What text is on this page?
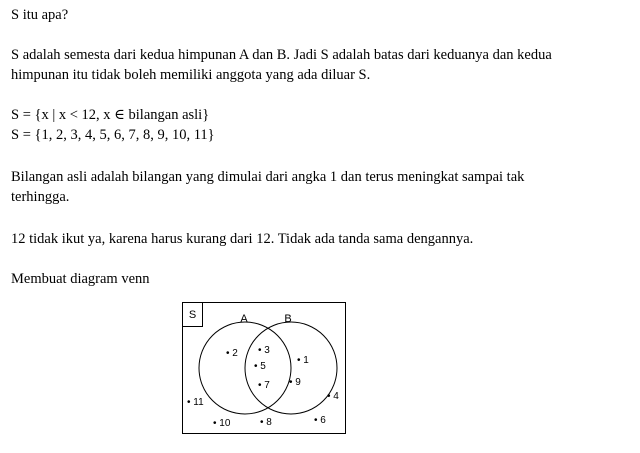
S itu apa?
S adalah semesta dari kedua himpunan A dan B. Jadi S adalah batas dari keduanya dan kedua
himpunan itu tidak boleh memiliki anggota yang ada diluar S.
S = {x | x < 12, x ∈ bilangan asli}
S = {1, 2, 3, 4, 5, 6, 7, 8, 9, 10, 11}
Bilangan asli adalah bilangan yang dimulai dari angka 1 dan terus meningkat sampai tak
terhingga.
12 tidak ikut ya, karena harus kurang dari 12. Tidak ada tanda sama dengannya.
Membuat diagram venn
S	A	B
• 2 • 3
• 5
• 7
• 1
• 9
• 11
• 10	• 8
• 4
• 6
